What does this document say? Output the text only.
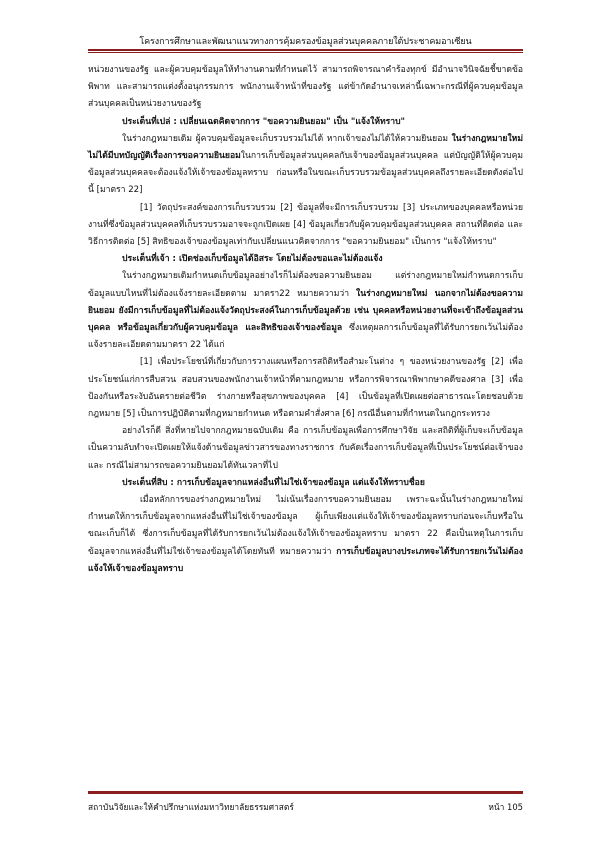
โครงการศึกษาและพัฒนาแนวทางการคุ้มครองข้อมูลส่วนบุคคลภายใต้ประชาคมอาเซียน

หน่วยงานของรัฐ และผู้ควบคุมข้อมูลให้ทำงานตามที่กำหนดไว้ สามารถพิจารณาคำร้องทุกข์ มีอำนาจวินิจฉัยชี้ขาดข้อพิพาท และสามารถแต่งตั้งอนุกรรมการ พนักงานเจ้าหน้าที่ของรัฐ แต่ข้ากัดอำนาจเหล่านี้เฉพาะกรณีที่ผู้ควบคุมข้อมูลส่วนบุคคลเป็นหน่วยงานของรัฐ

ประเด็นที่เปล่ : เปลี่ยนเฉดคิดจากการ "ขอความยินยอม" เป็น "แจ้งให้ทราบ"

ในร่างกฎหมายเดิม ผู้ควบคุมข้อมูลจะเก็บรวบรวมไม่ได้ หากเจ้าของไม่ได้ให้ความยินยอม ในร่างกฎหมายใหม่ ไม่ได้มีบทบัญญัติเรื่องการขอความยินยอมในการเก็บข้อมูลส่วนบุคคลกับเจ้าของข้อมูลส่วนบุคคล แต่บัญญัติให้ผู้ควบคุมข้อมูลส่วนบุคคลจะต้องแจ้งให้เจ้าของข้อมูลทราบ ก่อนหรือในขณะเก็บรวบรวมข้อมูลส่วนบุคคลถึงรายละเอียดดังต่อไปนี้ [มาตรา 22]

[1] วัตถุประสงค์ของการเก็บรวบรวม [2] ข้อมูลที่จะมีการเก็บรวบรวม [3] ประเภทของบุคคลหรือหน่วยงานที่ซึ่งข้อมูลส่วนบุคคลที่เก็บรวบรวมอาจจะถูกเปิดเผย [4] ข้อมูลเกี่ยวกับผู้ควบคุมข้อมูลส่วนบุคคล สถานที่ติดต่อ และวิธีการติดต่อ [5] สิทธิของเจ้าของข้อมูลเท่ากับเปลี่ยนแนวคิดจากการ "ขอความยินยอม" เป็นการ "แจ้งให้ทราบ"

ประเด็นที่เจ้า : เปิดช่องเก็บข้อมูลได้อิสระ โดยไม่ต้องขอและไม่ต้องแจ้ง

ในร่างกฎหมายเดิมกำหนดเก็บข้อมูลอย่างไรก็ไม่ต้องขอความยินยอม แต่ร่างกฎหมายใหม่กำหนดการเก็บข้อมูลแบบไหนที่ไม่ต้องแจ้งรายละเอียดตาม มาตรา22 หมายความว่า ในร่างกฎหมายใหม่ นอกจากไม่ต้องขอความยินยอม ยังมีการเก็บข้อมูลที่ไม่ต้องแจ้งวัตถุประสงค์ในการเก็บข้อมูลด้วย เช่น บุคคลหรือหน่วยงานที่จะเข้าถึงข้อมูลส่วนบุคคล หรือข้อมูลเกี่ยวกับผู้ควบคุมข้อมูล และสิทธิของเจ้าของข้อมูล ซึ่งเหตุผลการเก็บข้อมูลที่ได้รับการยกเว้นไม่ต้องแจ้งรายละเอียดตามมาตรา 22 ได้แก่

[1] เพื่อประโยชน์ที่เกี่ยวกับการวางแผนหรือการสถิติหรือสำมะโนต่าง ๆ ของหน่วยงานของรัฐ [2] เพื่อประโยชน์แก่การสืบสวน สอบสวนของพนักงานเจ้าหน้าที่ตามกฎหมาย หรือการพิจารณาพิพากษาคดีของศาล [3] เพื่อป้องกันหรือระงับอันตรายต่อชีวิต ร่างกายหรือสุขภาพของบุคคล [4] เป็นข้อมูลที่เปิดเผยต่อสาธารณะโดยชอบด้วยกฎหมาย [5] เป็นการปฏิบัติตามที่กฎหมายกำหนด หรือตามคำสั่งศาล [6] กรณีอื่นตามที่กำหนดในกฎกระทรวง

อย่างไรก็ดี สิ่งที่หายไปจากกฎหมายฉบับเดิม คือ การเก็บข้อมูลเพื่อการศึกษาวิจัย และสถิติที่ผู้เก็บจะเก็บข้อมูลเป็นความลับทำจะเปิดเผยให้แจ้งด้านข้อมูลข่าวสารของทางราชการ กับคัดเรื่องการเก็บข้อมูลที่เป็นประโยชน์ต่อเจ้าของ และ กรณีไม่สามารถขอความยินยอมได้ทันเวลาที่ไป

ประเด็นที่สิบ : การเก็บข้อมูลจากแหล่งอื่นที่ไม่ใช่เจ้าของข้อมูล แต่แจ้งให้ทราบชื่อย

เมื่อหลักการของร่างกฎหมายใหม่ ไม่เน้นเรื่องการขอความยินยอม เพราะฉะนั้นในร่างกฎหมายใหม่กำหนดให้การเก็บข้อมูลจากแหล่งอื่นที่ไม่ใช่เจ้าของข้อมูล ผู้เก็บเพียงแต่แจ้งให้เจ้าของข้อมูลทราบก่อนจะเก็บหรือในขณะเก็บก็ได้ ซึ่งการเก็บข้อมูลที่ได้รับการยกเว้นไม่ต้องแจ้งให้เจ้าของข้อมูลทราบ มาตรา 22 คือเป็นเหตุในการเก็บข้อมูลจากแหล่งอื่นที่ไม่ใช่เจ้าของข้อมูลได้โดยทันที หมายความว่า การเก็บข้อมูลบางประเภทจะได้รับการยกเว้นไม่ต้องแจ้งให้เจ้าของข้อมูลทราบ

สถาบันวิจัยและให้คำปรึกษาแห่งมหาวิทยาลัยธรรมศาสตร์	หน้า 105
